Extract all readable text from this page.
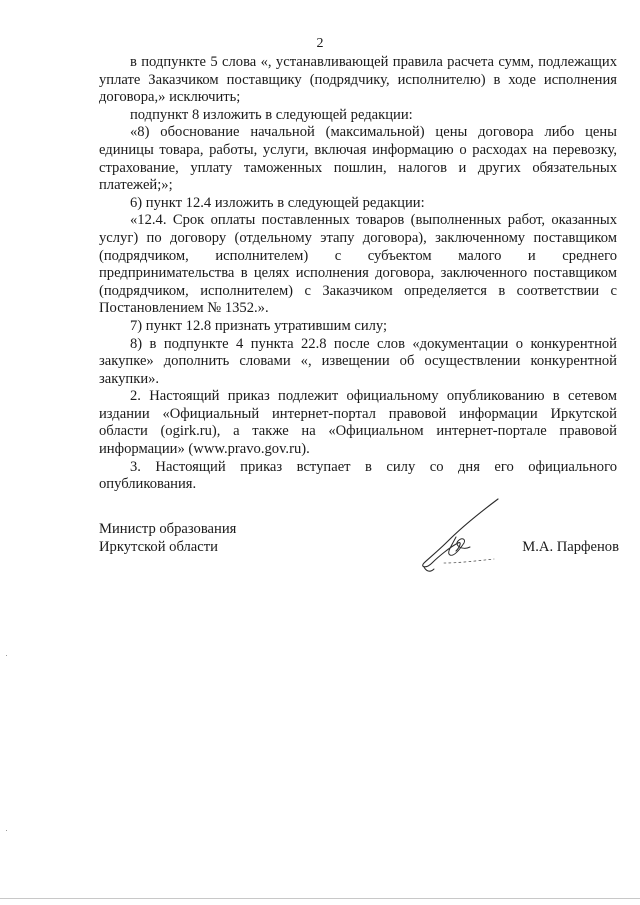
2

в подпункте 5 слова «, устанавливающей правила расчета сумм, подлежащих уплате Заказчиком поставщику (подрядчику, исполнителю) в ходе исполнения договора,» исключить;

подпункт 8 изложить в следующей редакции:

«8) обоснование начальной (максимальной) цены договора либо цены единицы товара, работы, услуги, включая информацию о расходах на перевозку, страхование, уплату таможенных пошлин, налогов и других обязательных платежей;»;

6) пункт 12.4 изложить в следующей редакции:

«12.4. Срок оплаты поставленных товаров (выполненных работ, оказанных услуг) по договору (отдельному этапу договора), заключенному поставщиком (подрядчиком, исполнителем) с субъектом малого и среднего предпринимательства в целях исполнения договора, заключенного поставщиком (подрядчиком, исполнителем) с Заказчиком определяется в соответствии с Постановлением № 1352.».

7) пункт 12.8 признать утратившим силу;

8) в подпункте 4 пункта 22.8 после слов «документации о конкурентной закупке» дополнить словами «, извещении об осуществлении конкурентной закупки».

2. Настоящий приказ подлежит официальному опубликованию в сетевом издании «Официальный интернет-портал правовой информации Иркутской области (ogirk.ru), а также на «Официальном интернет-портале правовой информации» (www.pravo.gov.ru).

3. Настоящий приказ вступает в силу со дня его официального опубликования.

Министр образования
Иркутской области	М.А. Парфенов
